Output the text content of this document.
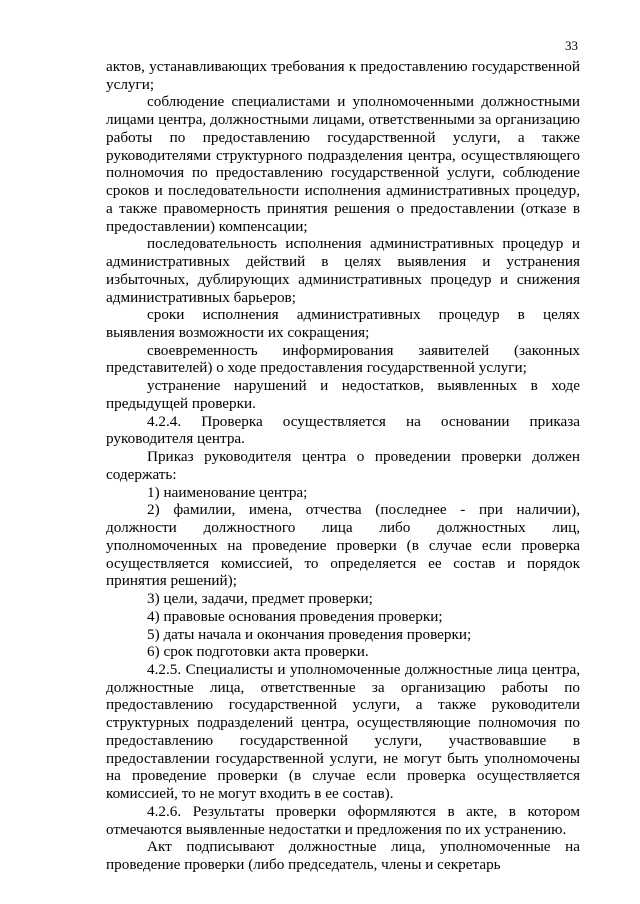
33

актов, устанавливающих требования к предоставлению государственной услуги;

соблюдение специалистами и уполномоченными должностными лицами центра, должностными лицами, ответственными за организацию работы по предоставлению государственной услуги, а также руководителями структурного подразделения центра, осуществляющего полномочия по предоставлению государственной услуги, соблюдение сроков и последовательности исполнения административных процедур, а также правомерность принятия решения о предоставлении (отказе в предоставлении) компенсации;

последовательность исполнения административных процедур и административных действий в целях выявления и устранения избыточных, дублирующих административных процедур и снижения административных барьеров;

сроки исполнения административных процедур в целях выявления возможности их сокращения;

своевременность информирования заявителей (законных представителей) о ходе предоставления государственной услуги;

устранение нарушений и недостатков, выявленных в ходе предыдущей проверки.

4.2.4. Проверка осуществляется на основании приказа руководителя центра.

Приказ руководителя центра о проведении проверки должен содержать:

1) наименование центра;

2) фамилии, имена, отчества (последнее - при наличии), должности должностного лица либо должностных лиц, уполномоченных на проведение проверки (в случае если проверка осуществляется комиссией, то определяется ее состав и порядок принятия решений);

3) цели, задачи, предмет проверки;

4) правовые основания проведения проверки;

5) даты начала и окончания проведения проверки;

6) срок подготовки акта проверки.

4.2.5. Специалисты и уполномоченные должностные лица центра, должностные лица, ответственные за организацию работы по предоставлению государственной услуги, а также руководители структурных подразделений центра, осуществляющие полномочия по предоставлению государственной услуги, участвовавшие в предоставлении государственной услуги, не могут быть уполномочены на проведение проверки (в случае если проверка осуществляется комиссией, то не могут входить в ее состав).

4.2.6. Результаты проверки оформляются в акте, в котором отмечаются выявленные недостатки и предложения по их устранению.

Акт подписывают должностные лица, уполномоченные на проведение проверки (либо председатель, члены и секретарь
